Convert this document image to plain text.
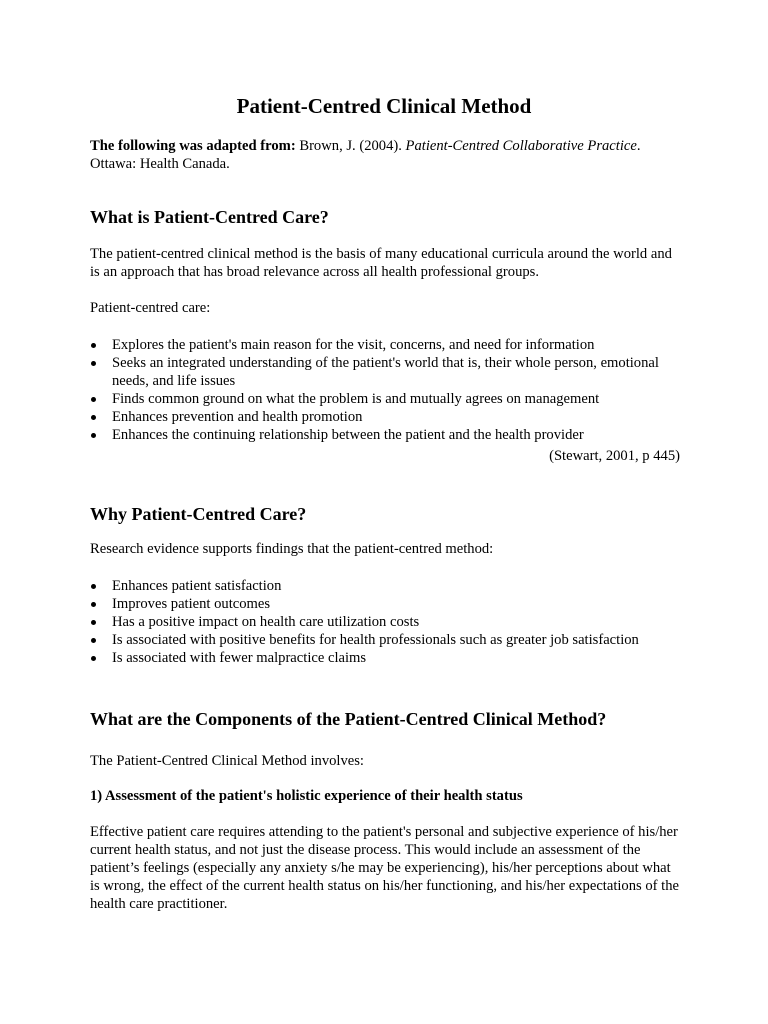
Patient-Centred Clinical Method

The following was adapted from: Brown, J. (2004). Patient-Centred Collaborative Practice. Ottawa: Health Canada.

What is Patient-Centred Care?

The patient-centred clinical method is the basis of many educational curricula around the world and is an approach that has broad relevance across all health professional groups.

Patient-centred care:

Explores the patient's main reason for the visit, concerns, and need for information
Seeks an integrated understanding of the patient's world that is, their whole person, emotional needs, and life issues
Finds common ground on what the problem is and mutually agrees on management
Enhances prevention and health promotion
Enhances the continuing relationship between the patient and the health provider

(Stewart, 2001, p 445)

Why Patient-Centred Care?

Research evidence supports findings that the patient-centred method:

Enhances patient satisfaction
Improves patient outcomes
Has a positive impact on health care utilization costs
Is associated with positive benefits for health professionals such as greater job satisfaction
Is associated with fewer malpractice claims
What are the Components of the Patient-Centred Clinical Method?

The Patient-Centred Clinical Method involves:

1) Assessment of the patient's holistic experience of their health status

Effective patient care requires attending to the patient's personal and subjective experience of his/her current health status, and not just the disease process. This would include an assessment of the patient’s feelings (especially any anxiety s/he may be experiencing), his/her perceptions about what is wrong, the effect of the current health status on his/her functioning, and his/her expectations of the health care practitioner.
